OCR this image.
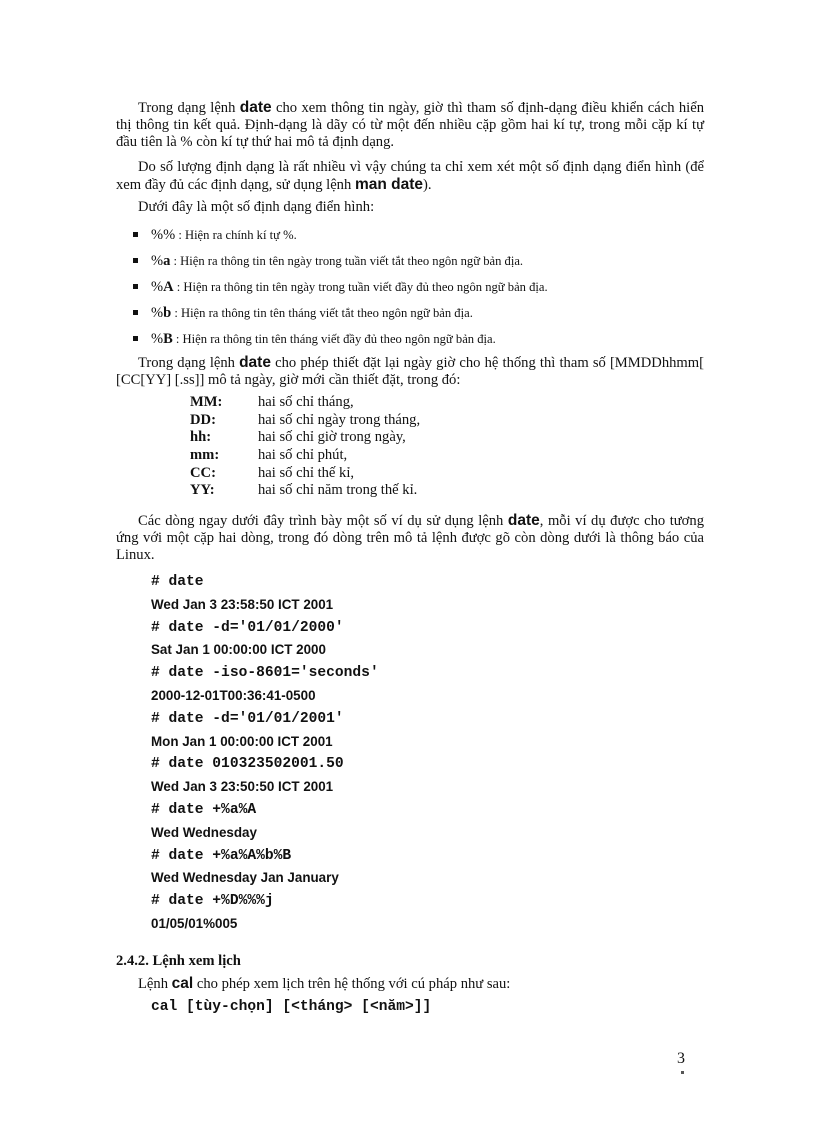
Trong dạng lệnh date cho xem thông tin ngày, giờ thì tham số định-dạng điều khiển cách hiển thị thông tin kết quả. Định-dạng là dãy có từ một đến nhiều cặp gồm hai kí tự, trong mỗi cặp kí tự đầu tiên là % còn kí tự thứ hai mô tả định dạng.
Do số lượng định dạng là rất nhiều vì vậy chúng ta chỉ xem xét một số định dạng điển hình (để xem đầy đủ các định dạng, sử dụng lệnh man date).
Dưới đây là một số định dạng điển hình:
%% : Hiện ra chính kí tự %.
%a : Hiện ra thông tin tên ngày trong tuần viết tắt theo ngôn ngữ bản địa.
%A : Hiện ra thông tin tên ngày trong tuần viết đầy đủ theo ngôn ngữ bản địa.
%b : Hiện ra thông tin tên tháng viết tắt theo ngôn ngữ bản địa.
%B : Hiện ra thông tin tên tháng viết đầy đủ theo ngôn ngữ bản địa.
Trong dạng lệnh date cho phép thiết đặt lại ngày giờ cho hệ thống thì tham số [MMDDhhmm[ [CC[YY] [.ss]] mô tả ngày, giờ mới cần thiết đặt, trong đó:
MM: hai số chỉ tháng,
DD:	hai số chỉ ngày trong tháng,
hh:	hai số chỉ giờ trong ngày,
mm:	hai số chỉ phút,
CC:	hai số chỉ thế kỉ,
YY:	hai số chỉ năm trong thế kỉ.
Các dòng ngay dưới đây trình bày một số ví dụ sử dụng lệnh date, mỗi ví dụ được cho tương ứng với một cặp hai dòng, trong đó dòng trên mô tả lệnh được gõ còn dòng dưới là thông báo của Linux.
# date
Wed Jan 3 23:58:50 ICT 2001
# date -d='01/01/2000'
Sat Jan 1 00:00:00 ICT 2000
# date -iso-8601='seconds'
2000-12-01T00:36:41-0500
# date -d='01/01/2001'
Mon Jan 1 00:00:00 ICT 2001
# date 010323502001.50
Wed Jan 3 23:50:50 ICT 2001
# date +%a%A
Wed Wednesday
# date +%a%A%b%B
Wed Wednesday Jan January
# date +%D%%%j
01/05/01%005
2.4.2. Lệnh xem lịch
Lệnh cal cho phép xem lịch trên hệ thống với cú pháp như sau:
cal [tùy-chọn] [<tháng> [<năm>]]
3
